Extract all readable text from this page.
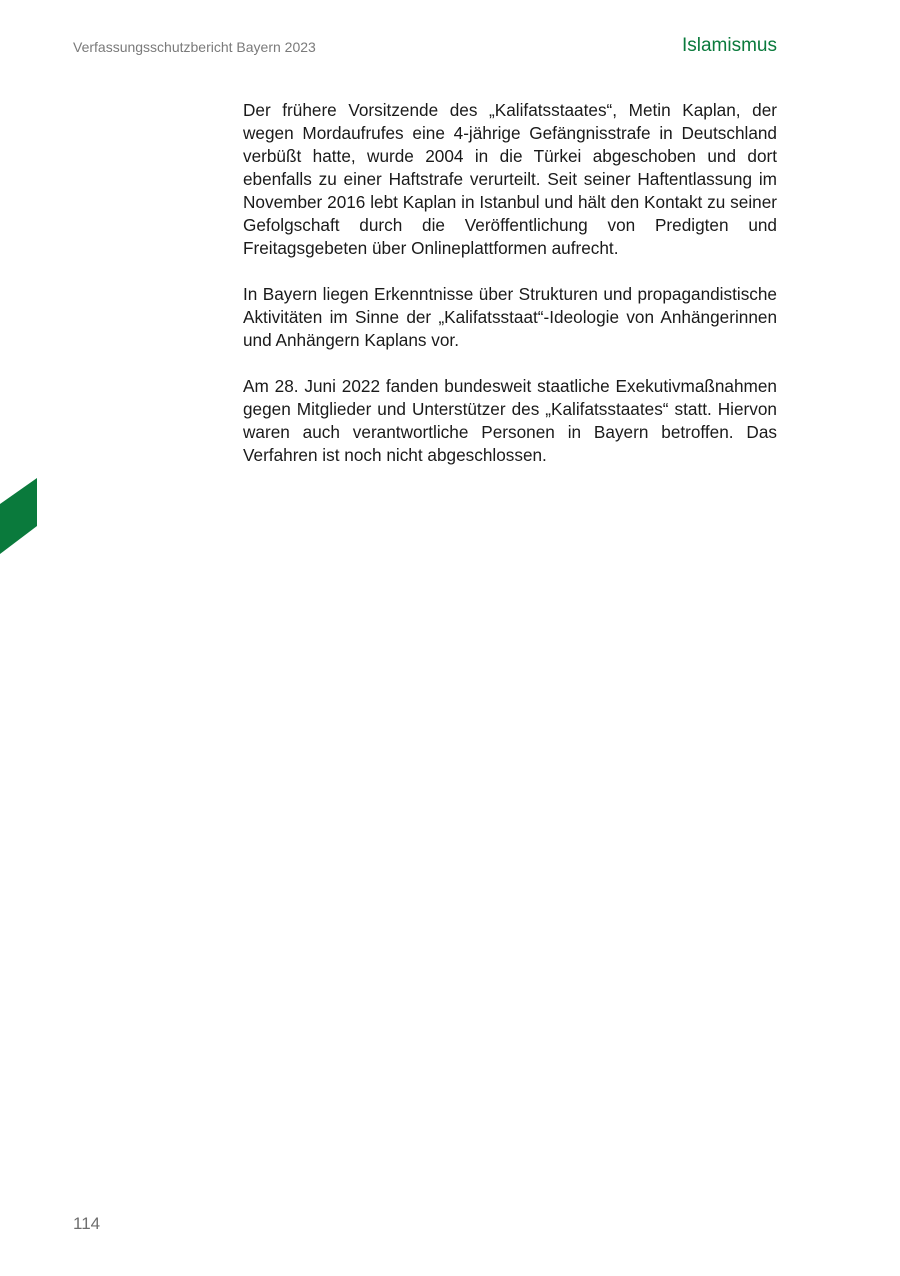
Verfassungsschutzbericht Bayern 2023	Islamismus

Der frühere Vorsitzende des „Kalifatsstaates“, Metin Kaplan, der wegen Mordaufrufes eine 4-jährige Gefängnisstrafe in Deutschland verbüßt hatte, wurde 2004 in die Türkei abgeschoben und dort ebenfalls zu einer Haftstrafe verurteilt. Seit seiner Haftentlassung im November 2016 lebt Kaplan in Istanbul und hält den Kontakt zu seiner Gefolgschaft durch die Veröffentlichung von Predigten und Freitagsgebeten über Onlineplattformen aufrecht.

In Bayern liegen Erkenntnisse über Strukturen und propagandistische Aktivitäten im Sinne der „Kalifatsstaat“-Ideologie von Anhängerinnen und Anhängern Kaplans vor.

Am 28. Juni 2022 fanden bundesweit staatliche Exekutivmaßnahmen gegen Mitglieder und Unterstützer des „Kalifatsstaates“ statt. Hiervon waren auch verantwortliche Personen in Bayern betroffen. Das Verfahren ist noch nicht abgeschlossen.

114
